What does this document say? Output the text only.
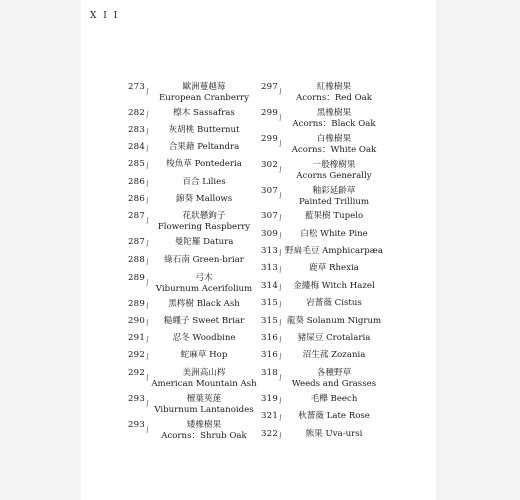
X I I
273 /	歐洲蔓越莓
European Cranberry
282 /	檫木 Sassafras
283 /	灰胡桃 Butternut
284 /	合果藉 Peltandra
285 /	梭魚草 Pontederia
286 /	百合 Lilies
286 /	錦葵 Mallows
287 /	花狀懸鉤子
Flowering Raspberry
287 /	曼陀羅 Datura
288 /	綠石南 Green-briar
289 /	弓木
Viburnum Acerifolium
289 /	黑梣樹 Black Ash
290 /	糙繩子 Sweet Briar
291 /	忍冬 Woodbine
292 /	蛇麻草 Hop
292 /	美洲高山梣
American Mountain Ash
293 /	檀葉莢蒾
Viburnum Lantanoides
293 /	矮橡樹果
Acorns：Shrub Oak
297 /	紅橡樹果
Acorns：Red Oak
299 /	黑橡樹果
Acorns：Black Oak
299 /	白橡樹果
Acorns：White Oak
302 /	一般橡樹果
Acorns Generally
307 /	釉彩延齡草
Painted Trillium
307 /	藍果樹 Tupelo
309 /	白松 White Pine
313 / 野扁毛豆 Amphicarpæa
313 /	鹿草 Rhexia
314 /	金縷梅 Witch Hazel
315 /	岩薔薇 Cistus
315 / 龍葵 Solanum Nigrum
316 /	豬屎豆 Crotalaria
316 /	沼生菰 Zozania
318 /	各種野草
Weeds and Grasses
319 /	毛櫸 Beech
321 /	秋薔薇 Late Rose
322 /	熊果 Uva-ursi
